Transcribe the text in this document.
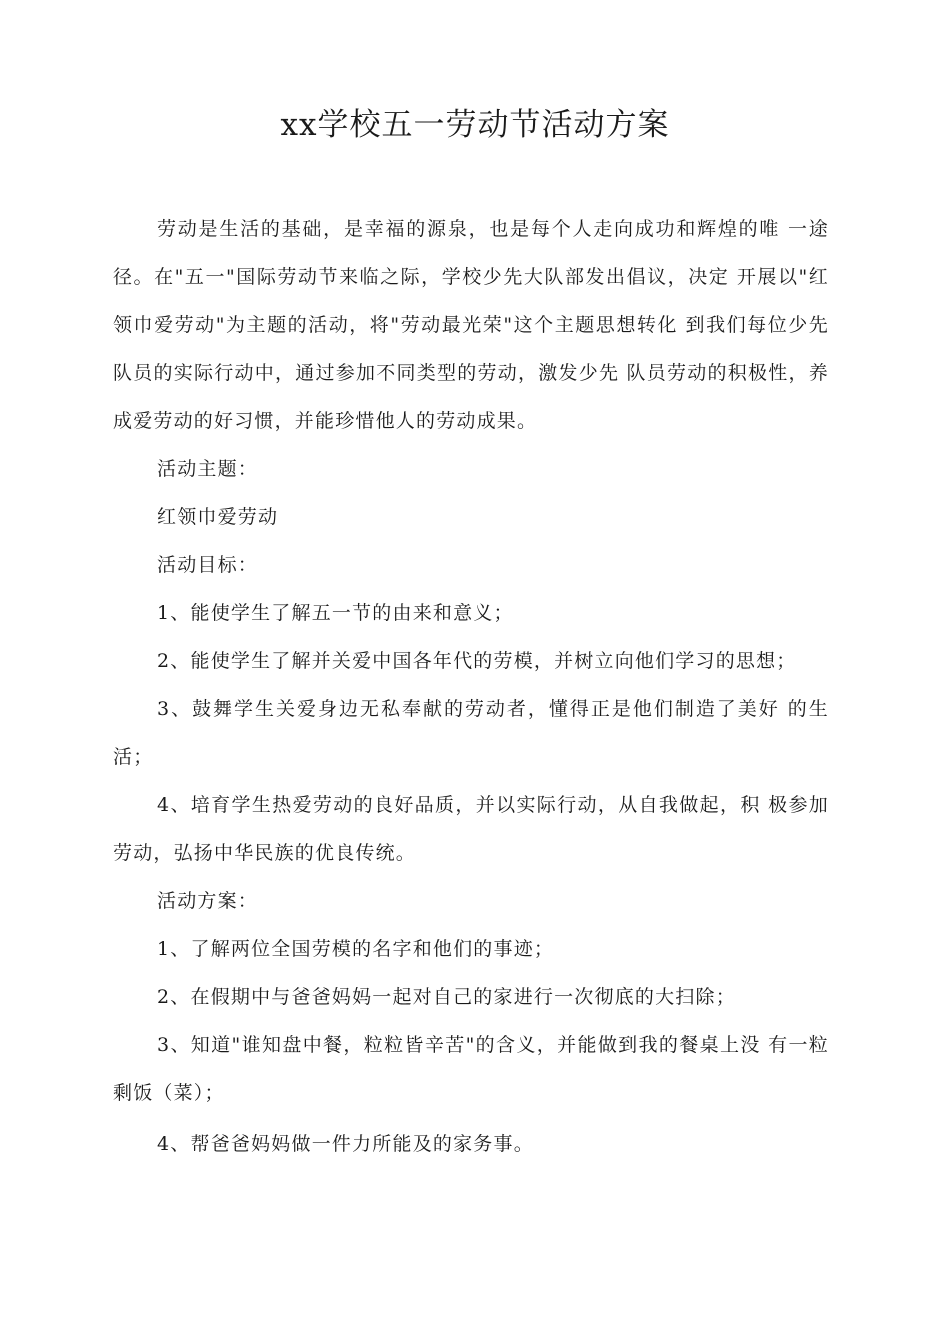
xx学校五一劳动节活动方案

劳动是生活的基础，是幸福的源泉，也是每个人走向成功和辉煌的唯 一途径。在"五一"国际劳动节来临之际，学校少先大队部发出倡议，决定 开展以"红领巾爱劳动"为主题的活动，将"劳动最光荣"这个主题思想转化 到我们每位少先队员的实际行动中，通过参加不同类型的劳动，激发少先 队员劳动的积极性，养成爱劳动的好习惯，并能珍惜他人的劳动成果。

活动主题：

红领巾爱劳动

活动目标：

1、能使学生了解五一节的由来和意义；

2、能使学生了解并关爱中国各年代的劳模，并树立向他们学习的思想；

3、鼓舞学生关爱身边无私奉献的劳动者，懂得正是他们制造了美好 的生活；

4、培育学生热爱劳动的良好品质，并以实际行动，从自我做起，积 极参加劳动，弘扬中华民族的优良传统。

活动方案：

1、了解两位全国劳模的名字和他们的事迹；

2、在假期中与爸爸妈妈一起对自己的家进行一次彻底的大扫除；

3、知道"谁知盘中餐，粒粒皆辛苦"的含义，并能做到我的餐桌上没 有一粒剩饭（菜）；

4、帮爸爸妈妈做一件力所能及的家务事。
